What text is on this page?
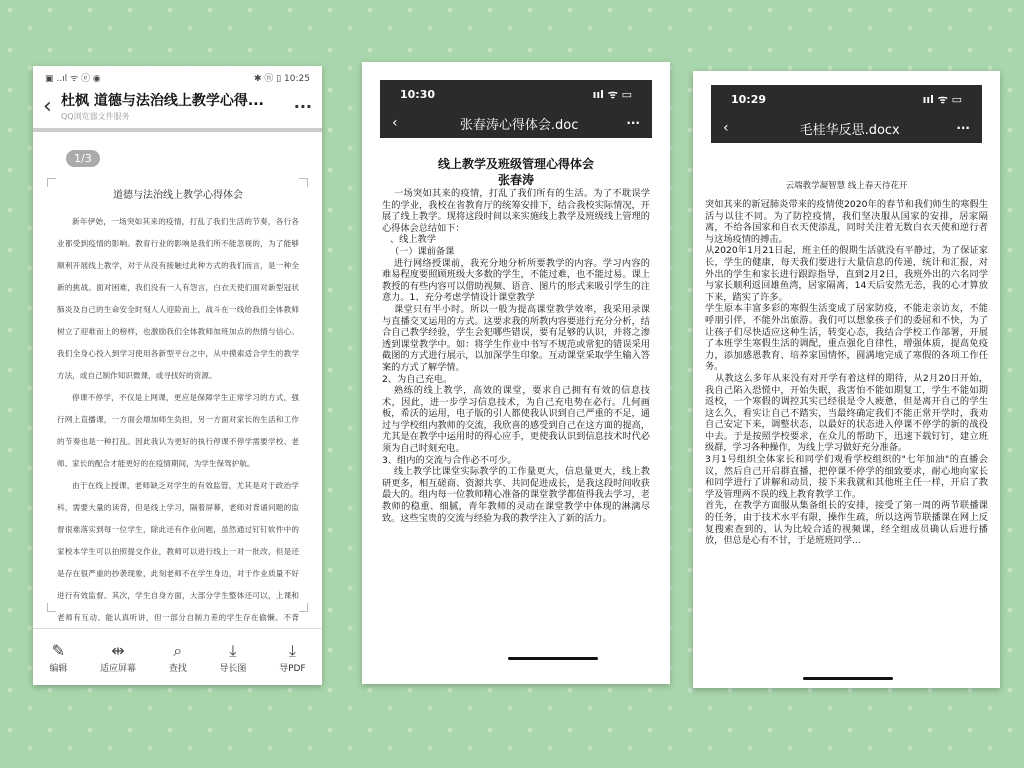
▣ ..ıl ᯤ ⓔ ◉	✱ ⓝ ▯ 10:25
‹ 杜枫 道德与法治线上教学心得...
QQ浏览器文件服务
···
1/3
道德与法治线上教学心得体会

新年伊始，一场突如其来的疫情，打乱了我们生活的节奏，各行各业都受到疫情的影响。教育行业的影响是我们所不能忽视的，为了能够顺利开展线上教学，对于从没有接触过此种方式的我们而言，是一种全新的挑战。面对困难，我们没有一人有怨言，白衣天使们面对新型冠状肺炎及自己的生命安全时刻人人迎险而上，战斗在一线给我们全体教师树立了迎难而上的榜样，也激励我们全体教师加班加点的热情与信心。我们全身心投入到学习使用各新型平台之中，从中摸索适合学生的教学方法，或自己制作知识微课，或寻找好的资源。

停课不停学，不仅是上网课，更应是保障学生正常学习的方式，强行网上直播课，一方面会增加师生负担，另一方面对家长的生活和工作的节奏也是一种打乱。因此我认为更好的执行停课不停学需要学校、老师、家长的配合才能更好的在疫情期间，为学生保驾护航。

由于在线上授课，老师缺乏对学生的有效监管，尤其是对于政治学科，需要大量的读背，但是线上学习，隔着屏幕，老师对背诵问题的监督很难落实到每一位学生，除此还有作业问题，虽然通过钉钉软件中的家校本学生可以拍照提交作业，教师可以进行线上一对一批改，但是还是存在很严重的抄袭现象，此刻老师不在学生身边，对于作业质量不好进行有效监督。其次，学生自身方面，大部分学生整体还可以，上课和老师有互动、能认真听讲，但一部分自制力差的学生存在偷懒、不背

✎
编辑
⇹
适应屏幕
⌕
查找
⤓
导长图
⤓
导PDF
10:30	ııl ᯤ ▭
‹	张春涛心得体会.doc	···
线上教学及班级管理心得体会
张春涛

一场突如其来的疫情，打乱了我们所有的生活。为了不耽误学生的学业，我校在省教育厅的统筹安排下，结合我校实际情况，开展了线上教学。现将这段时间以来实施线上教学及班级线上管理的心得体会总结如下：

、线上教学

（一）课前备课

进行网络授课前，我充分地分析所要教学的内容。学习内容的难易程度要照顾班级大多数的学生，不能过难，也不能过易。课上教授的有些内容可以借助视频、语音、图片的形式来吸引学生的注意力。1、充分考虑学情设计课堂教学

课堂只有半小时。所以一般为提高课堂教学效率，我采用录课与直播交叉运用的方式。这要求我的所教内容要进行充分分析，结合自己教学经验，学生会犯哪些错误，要有足够的认识，并将之渗透到课堂教学中。如：将学生作业中书写不规范或常犯的错误采用截图的方式进行展示，以加深学生印象。互动课堂采取学生输入答案的方式了解学情。

2、为自己充电。

熟练的线上教学，高效的课堂，要求自己拥有有效的信息技术，因此，进一步学习信息技术，为自己充电势在必行。几何画板，希沃的运用，电子版的引人都使我认识到自己严重的不足，通过与学校组内教师的交流，我欣喜的感受到自己在这方面的提高，尤其是在教学中运用时的得心应手，更使我认识到信息技术时代必须为自己时刻充电。

3、组内的交流与合作必不可少。

线上教学比课堂实际教学的工作量更大，信息量更大，线上教研更多，相互磋商、资源共享、共同促进成长，是我这段时间收获最大的。组内每一位教师精心准备的课堂教学都值得我去学习，老教师的稳重、细腻，青年教师的灵动在课堂教学中体现的淋漓尽致。这些宝贵的交流与经验为我的教学注入了新的活力。

10:29	ııl ᯤ ▭
‹	毛桂华反思.docx	···
云端教学凝智慧 线上春天待花开

突如其来的新冠肺炎带来的疫情使2020年的春节和我们师生的寒假生活与以往不同。为了防控疫情，我们坚决服从国家的安排，居家隔离，不给各国家和自衣天使添乱，同时关注着无数白衣天使和逆行者与这场疫情的搏击。

从2020年1月21日起，班主任的假期生活就没有平静过，为了保证家长，学生的健康，每天我们要进行大量信息的传递，统计和汇报，对外出的学生和家长进行跟踪指导，直到2月2日，我班外出的六名同学与家长顺利返回雄鱼湾，居家隔离，14天后安然无恙，我的心才算放下来，踏实了许多。

学生原本丰富多彩的寒假生活变成了居家防疫，不能走亲访友，不能呼朋引伴，不能外出旅游。我们可以想象孩子们的委屈和不快，为了让孩子们尽快适应这种生活，转变心态，我结合学校工作部署，开展了本班学生寒假生活的调配，重点强化自律性，增强体质，提高免疫力，添加感恩教育、培养家国情怀，圆满地完成了寒假的各项工作任务。

从教这么多年从来没有对开学有着这样的期待，从2月20日开始，我自己陷入恐慌中，开始失眠，我害怕不能如期复工，学生不能如期返校，一个寒假的调控其实已经很是令人疲惫，但是离开自己的学生这么久，看实让自己不踏实，当最终确定我们不能正常开学时，我劝自己安定下来，调整状态，以最好的状态进入停课不停学的新的战役中去。于是按照学校要求，在众儿的帮助下，迅速下载钉钉，建立班级群，学习各种操作，为线上学习做好充分准备。

3月1号组织全体家长和同学们观看学校组织的"七年加油"的直播会议，然后自己开启群直播，把停课不停学的细致要求，耐心地向家长和同学进行了讲解和动员，接下来我就和其他班主任一样，开启了教学及管理两不误的线上教育教学工作。

首先，在教学方面服从集备组长的安排，接受了第一周的两节联播课的任务，由于技术水平有限，操作生疏，所以这两节联播课在网上反复搜索查到的，认为比较合适的视频课，经全组成员确认后进行播放，但总是心有不甘，于是班班同学...
